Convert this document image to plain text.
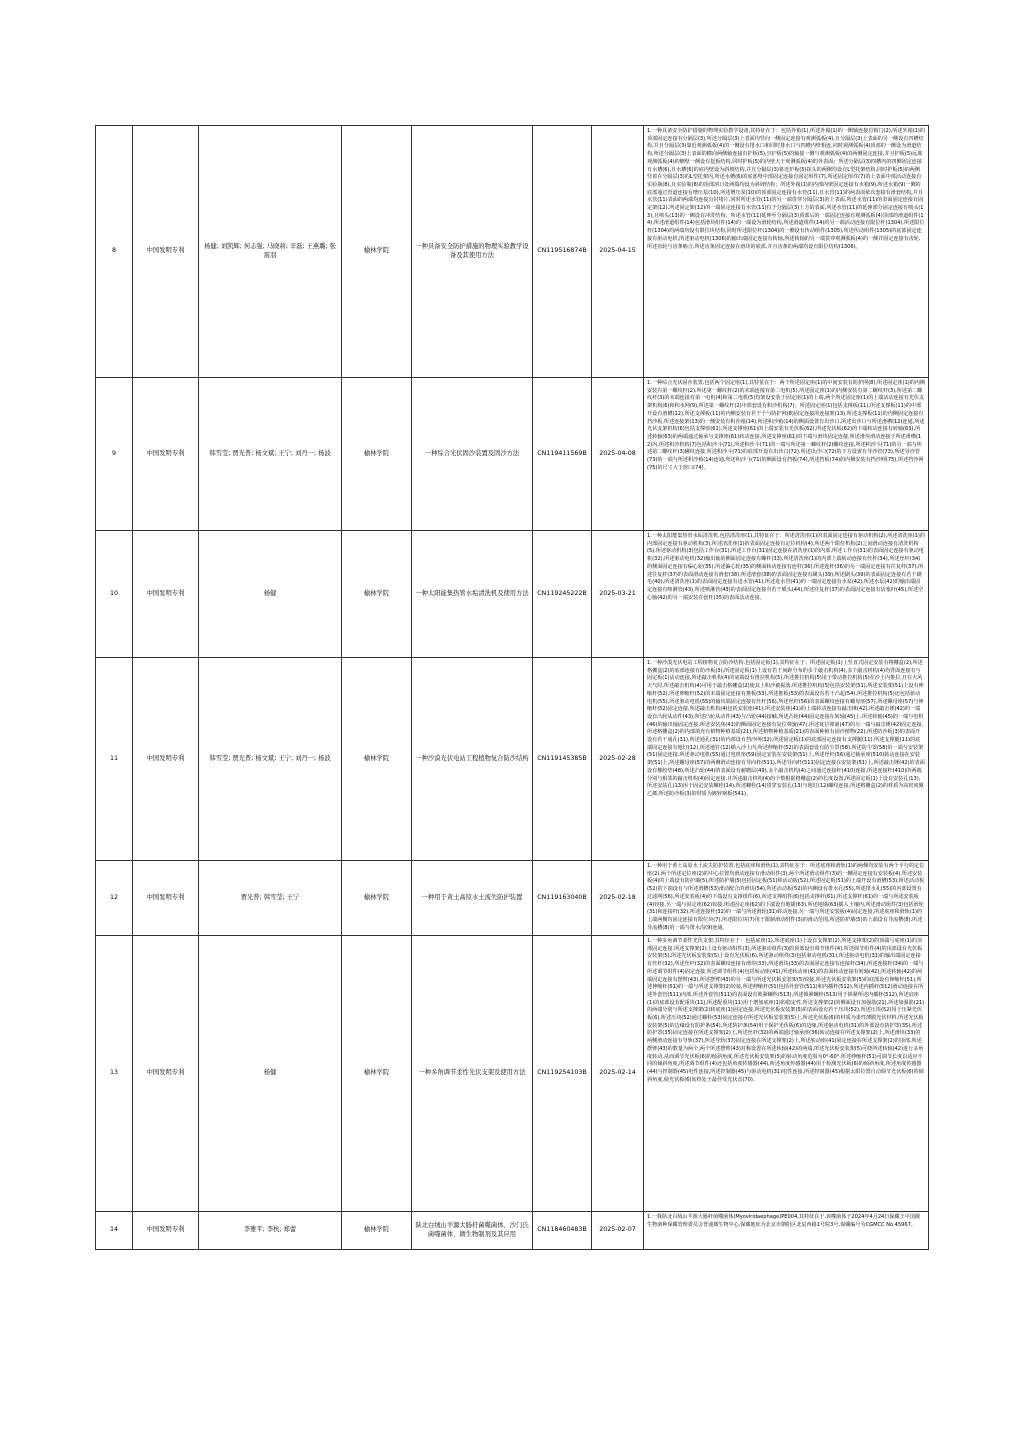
8	中国发明专利	杨健; 刘凯辉; 何志强; 马晓莉; 辛磊; 王燕璐; 张震羽	榆林学院	一种具备安全防护措施的物理实验教学设备及其使用方法	CN119516874B	2025-04-15	1.一种具备安全防护措施的物理实验教学设备,其特征在于：包括外箱(1),所述外箱(1)的一侧轴连接有箱门(2),所述外箱(1)的顶部固定连接有分隔层(3),所述分隔层(3)上表面均竖向一侧固定连接有观测弧板(4),且分隔层(3)上表面的另一侧设有凹槽结构,并且分隔层(3)靠近观测弧板(4)的一侧设有排水口和同时排水口与凹槽内壁相连,同时观测弧板(4)顶部的一侧设为滑道结构,所述分隔层(3)上表面的横向两侧轴连接有护板(5),且护板(5)的轴接一侧与观测弧板(4)的两侧固定连接,并且护板(5)远离观测弧板(4)的侧壁一侧设有挖板结构,同时护板(5)的内壁大于观测弧板(4)的外表面；所述分隔层(3)四槽内的四侧固定连接有水槽(6),且水槽(6)的底内壁设为斜坡结构,并且分隔层(3)靠近护板(5)抹头的两侧均设有L型托架结构,同时护板(5)的两侧竖着在分隔层(3)的L型托架内,所述水槽(6)的底部壁中部固定连接有固定组件(7),所述固定组件(7)的上表面中部活动连接有实验瓶(8),且实验瓶(8)的顶部溶口处两端均设为斜坡结构；所述外箱(1)的内部内壁固定连接有水箱(9),所述水箱(9)一侧的底部通过管道连接有增压泵(10),所述增压泵(10)的顶部固定连接有水管(11),且水管(11)的两表面依次套接有滑套结构,并且水管(11)表面的两端均连接有封堵片,同时所述水管(11)的另一端贯穿分隔层(3)的上表面,所述水管(11)的表面固定连接有固定架(12),所述固定架(12)的一端固定连接有水管(11)位于分隔层(3)上方的表面,所述水管(11)的延伸部分固定连接有喷头(13),且喷头(13)的一侧设有冲洗结构；所述水管(11)延伸至分隔层(3)顶部后的一端固定连接有观测弧板(4)顶部的滑道组件(14),所述滑道组件(14)包括滑块组件(14)的一端设为滑轮结构,所述滑道组件(14)的另一端活动连接有限位杆(1304),所述限位杆(1304)的两端均设有限位块结构,同时所述限位杆(1304)的一侧设有传动组件(1305),所述传动组件(1305)的底部固定连接有驱动电机,所述驱动电机(1306)的输出端固定连接有转轴,所述转轴的另一端贯穿观测弧板(4)的一侧并固定连接有齿轮,所述齿轮与齿条啮合,所述齿条固定连接在滑块的底部,并且齿条的两端均设有限位结构(1306)。
9	中国发明专利	韩雪莹; 贾光普; 杨文斌; 王宁; 刘丹一; 杨波	榆林学院	一种综合光伏固沙装置及固沙方法	CN119411569B	2025-04-08	1.一种综合光伏固沙装置,包括两个固定座(1),其特征在于：两个所述固定座(1)的中间安装有防护网(8),所述固定座(1)的内侧安装有第一螺纹杆(2),所述第一螺纹杆(2)的末端连接有第二电机(5),所述固定座(1)的内侧安装有第二螺纹杆(3),所述第二螺纹杆(3)的末端连接有第一电机(4)和第二电机(5)均架设安装于固定座(1)的上端,两个所述固定座(1)的上端活动连接有光伏支架机构(6)和积水网(9),所述第一螺纹杆(2)中部套设有积沙机构(7)；所述固定座(1)包括支撑板(11),所述支撑板(11)的中部开设有滑槽(12),所述支撑板(11)的内侧安装有若干个与防护网(8)固定连接的连接架(13),所述支撑板(11)的内侧固定连接有挡沙板,所述连接架(13)的一侧安装有积沙箱(14),所述积沙箱(14)的侧面设置有出沙口,所述出沙口与所述滑槽(12)连通,所述光伏支架机构(6)包括支撑座(61),所述支撑座(61)的上端安装有光伏板(62),所述光伏板(62)的下端转动连接有转轴(63),所述转轴(63)的两端通过轴承与支撑座(61)转动连接,所述支撑座(61)的下端与滑块固定连接,所述滑块滑动连接于所述滑槽(12)内,所述积沙机构(7)包括积沙斗(71),所述积沙斗(71)的一端与所述第一螺纹杆(2)螺纹连接,所述积沙斗(71)的另一端与所述第二螺纹杆(3)螺纹连接,所述积沙斗(71)的底部开设有出沙口(72),所述出沙口(72)的下方设置有导沙管(73),所述导沙管(73)的一端与所述积沙箱(14)连通,所述积沙斗(71)的侧面设有挡板(74),所述挡板(74)的内侧安装有挡沙网(75),所述挡沙网(75)的尺寸大于窗口(74)。
10	中国发明专利	杨健	榆林学院	一种太阳能集热管水垢清洗机及使用方法	CN119245222B	2025-03-21	1.一种太阳能集热管水垢清洗机,包括清洗座(1),其特征在于：所述清洗座(1)的表面固定连接有驱动机构(2),所述清洗座(1)的内部固定连接有驱动机构(3),所述清洗座(1)的表面固定连接有定位机构(4),所述两个限位机构(2)之间滑动连接有清洗机构(5),所述驱动机构(3)包括工作台(31),所述工作台(31)固定连接在清洗座(1)的内部,所述工作台(31)的表面固定连接有驱动电机(32),所述驱动电机(32)输出轴的侧面固定连接有螺杆(33),所述清洗座(1)的内部上端转动连接有丝杆(34),所述丝杆(34)的侧面固定连接有偏心轮(35),所述偏心轮(35)的侧面转动连接有连杆(36),所述连杆(36)的另一端固定连接有往复杆(37),所述往复杆(37)的表面滑动连接有滑套(38),所述滑套(38)的表面固定连接有刷头(39),所述刷头(39)的表面固定连接有若干刷毛(40),所述清洗座(1)的表面固定连接有进水管(41),所述进水管(41)的一端固定连接有水泵(42),所述水泵(42)的输出端固定连接有喷淋管(43),所述喷淋管(43)的表面固定连接有若干喷头(44),所述往复杆(37)的表面固定连接有活塞杆(45),所述空心轴(42)的另一端安装在套杆(35)的表面活动连接。
11	中国发明专利	韩雪莹; 贾光普; 杨文斌; 王宁; 刘丹一; 杨波	榆林学院	一种沙漠光伏电站工程植物复合防沙结构	CN119145385B	2025-02-28	1.一种沙漠光伏电站工程植物复合防沙结构,包括固定板(1),其特征在于：所述固定板(1)上竖直式固定安装有格栅盒(2),所述格栅盒(2)的底部连接有防沙板(3),所述固定板(1)上设有若干间距分布的多个敲击机构(4),多个敲击机构(4)均背面连接有与固定板(1)活动连接,所述敲击机构(4)的底端设有推拉机构(5),所述推拉机构(5)用于带动推拉机构(5)在沙土内推拉,且在大风天气时,所述敲击机构(4)可用于敲击格栅盒(2)使其上积沙被振落,所述推拉机构(5)包括安装架(51),所述安装架(51)上设有伸缩杆(52),所述伸缩杆(52)的末端固定连接有推板(53),所述推板(53)的表面设有若干凸起(54),所述推拉机构(5)还包括驱动电机(55),所述驱动电机(55)的输出端固定连接有丝杆(56),所述丝杆(56)的表面螺纹连接有螺母座(57),所述螺母座(57)与伸缩杆(52)固定连接,所述敲击机构(4)包括安装座(41),所述安装座(41)的上端转动连接有敲击锤(42),所述敲击锤(42)的一端设有凸轮从动件(43),所述凸轮从动件(43)与凸轮(44)接触,所述凸轮(44)固定连接在转轴(45)上,所述转轴(45)的一端与电机(46)的输出轴固定连接,所述安装座(41)的侧面固定连接有复位弹簧(47),所述复位弹簧(47)的另一端与敲击锤(42)固定连接,所述格栅盒(2)的内部填充有植物种植基质(21),所述植物种植基质(21)的表面种植有固沙植物(22),所述防沙板(3)的表面开设有若干通孔(31),所述通孔(31)的内部设有挡沙网(32),所述固定板(1)的底部固定连接有支撑腿(11),所述支撑腿(11)的底端固定连接有地钉(12),所述地钉(12)插入沙土内,所述伸缩杆(52)的表面套设有防尘罩(58),所述防尘罩(58)的一端与安装架(51)固定连接,所述驱动电机(55)通过电机座(59)固定安装在安装架(51)上,所述丝杆(56)通过轴承座(510)转动连接在安装架(51)上,所述螺母座(57)的两侧滑动连接有导向杆(511),所述导向杆(511)固定连接在安装架(51)上,所述敲击锤(42)的表面设有橡胶垫(48),所述凸轮(44)的表面设有耐磨层(49),多个敲击机构(4)之间通过连接杆(410)连接,所述连接杆(410)的两端分别与相邻的敲击机构(4)固定连接,且所述敲击机构(4)的个数根据格栅盒(2)的长度设置,所述固定板(1)上设有安装孔(13),所述安装孔(13)用于固定安装螺栓(14),所述螺栓(14)贯穿安装孔(13)与地钉(12)螺纹连接,所述格栅盒(2)的材质为高密度聚乙烯,所述防沙板(3)的材质为镀锌钢板(541)。
12	中国发明专利	贾光普; 韩雪莹; 王宁	榆林学院	一种用于黄土高原水土流失防护装置	CN119163040B	2025-02-18	1.一种用于黄土高原水土流失防护装置,包括底座和滑轨(1),其特征在于：所述底座和滑轨(1)的两侧均安装有两个平行的定位座(2),两个所述定位座(2)的中心位置均滑动连接有滑动组件(3),两个所述滑动组件(3)的一侧固定连接有安装板(4),所述安装板(4)的上端设有防护墙(5),所述防护墙(5)包括固定板(51)和活动板(52),所述固定板(51)的上端开设有滑槽(53),所述活动板(52)的下端设有与所述滑槽(53)滑动配合的滑块(54),所述活动板(52)的内侧设有排水孔(55),所述排水孔(55)的内部设置有过滤网(56),所述安装板(4)的下端设有支撑组件(6),所述支撑组件(6)包括支撑杆(61),所述支撑杆(61)的一端与所述安装板(4)铰接,另一端与固定座(62)铰接,所述固定座(62)的下端设有地锚(63),所述地锚(63)插入土壤内,所述滑动组件(3)包括滑轮(31)和连接杆(32),所述连接杆(32)的一端与所述滑轮(31)转动连接,另一端与所述安装板(4)固定连接,所述底座和滑轨(1)的上端两侧均固定连接有限位块(7),所述限位块(7)用于限制滑动组件(3)的滑动范围,所述防护墙(5)的上端设有导流槽(8),所述导流槽(8)的一端与排水沟(9)连通。
13	中国发明专利	杨健	榆林学院	一种多角调节柔性光伏支架及使用方法	CN119254103B	2025-02-14	1.一种多角调节柔性光伏支架,其特征在于：包括底座(1),所述底座(1)上设有支撑架(2),所述支撑架(2)的顶端与底座(1)的顶部固定连接,所述支撑架(2)上设有驱动组件(3),所述驱动组件(3)的顶部设有调节组件(4),所述调节组件(4)的顶部设有光伏板安装架(5),所述光伏板安装架(5)上设有光伏板(6),所述驱动组件(3)包括驱动电机(31),所述驱动电机(31)的输出端固定连接有丝杆(32),所述丝杆(32)的表面螺纹连接有滑块(33),所述滑块(33)的表面固定连接有连接杆(34),所述连接杆(34)的一端与所述调节组件(4)固定连接,所述调节组件(4)包括转动座(41),所述转动座(41)的表面转动连接有转轴(42),所述转轴(42)的两端固定连接有摆臂(43),所述摆臂(43)的另一端与所述光伏板安装架(5)铰接,所述光伏板安装架(5)的底部设有伸缩杆(51),所述伸缩杆(51)的一端与所述支撑架(2)铰接,所述伸缩杆(51)包括外套管(511)和内插杆(512),所述内插杆(512)滑动连接在所述外套管(511)内部,所述外套管(511)的表面设有锁紧螺栓(513),所述锁紧螺栓(513)用于锁紧所述内插杆(512),所述底座(1)的底部设有配重块(11),所述配重块(11)用于增加底座(1)的稳定性,所述支撑架(2)的侧面设有加强筋(21),所述加强筋(21)的两端分别与所述支撑架(2)和底座(1)固定连接,所述光伏板安装架(5)的表面设有若干压块(52),所述压块(52)用于压紧光伏板(6),所述压块(52)通过螺栓(53)固定连接在所述光伏板安装架(5)上,所述光伏板(6)的材质为柔性薄膜光伏材料,所述光伏板安装架(5)的边缘设有防护条(54),所述防护条(54)用于保护光伏板(6)的边缘,所述驱动电机(31)的外部设有防护罩(35),所述防护罩(35)固定连接在所述支撑架(2)上,所述丝杆(32)的两端通过轴承座(36)转动连接在所述支撑架(2)上,所述滑块(33)的两侧滑动连接有导轨(37),所述导轨(37)固定连接在所述支撑架(2)上,所述转动座(41)固定连接在所述支撑架(2)的顶部,所述摆臂(43)的数量为两个,两个所述摆臂(43)对称设置在所述转轴(42)的两端,所述光伏板安装架(5)可绕所述转轴(42)进行多角度转动,从而调节光伏板(6)的倾斜角度,所述光伏板安装架(5)的转动角度范围为0°-60°,所述伸缩杆(51)可调节长度以适应不同的倾斜角度,所述调节组件(4)还包括角度传感器(44),所述角度传感器(44)用于检测光伏板(6)的倾斜角度,所述角度传感器(44)与控制器(45)电性连接,所述控制器(45)与驱动电机(31)电性连接,所述控制器(45)根据太阳位置自动调节光伏板(6)的倾斜角度,使光伏板(6)始终处于最佳受光状态(70)。
14	中国发明专利	李雅平; 李杭; 郑蕾	榆林学院	陕北白绒山羊源大肠杆菌噬菌体、沙门氏菌噬菌体、微生物制剂及其应用	CN118460483B	2025-02-07	1.一株陕北白绒山羊源大肠杆菌噬菌体(Myoviridaephage)PE004,其特征在于,该噬菌体于2024年4月24日保藏于中国微生物菌种保藏管理委员会普通微生物中心,保藏地址为北京市朝阳区北辰西路1号院3号,保藏编号为CGMCC No.45967。
